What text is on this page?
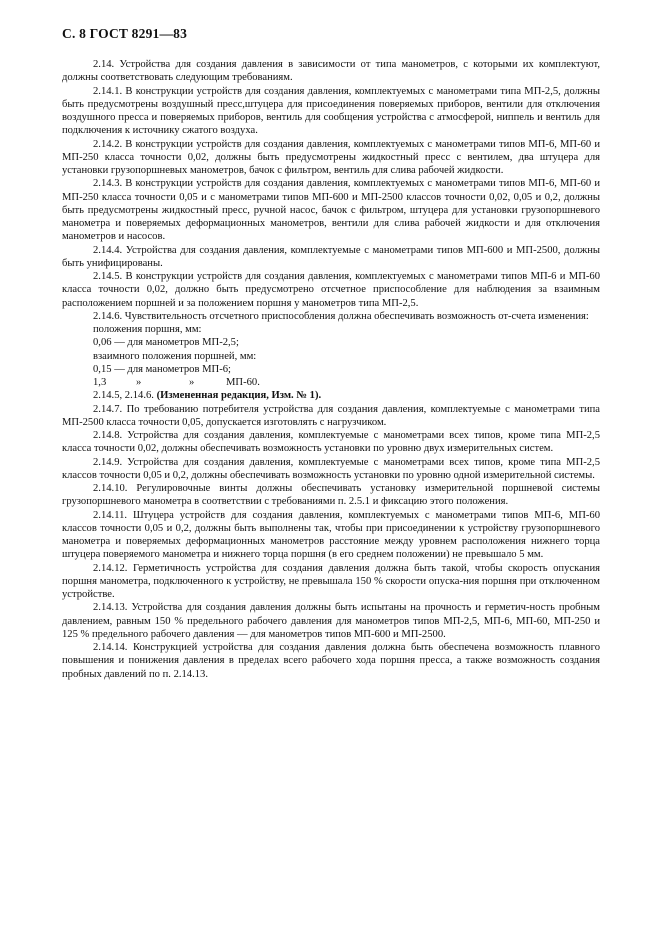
С. 8 ГОСТ 8291—83

2.14. Устройства для создания давления в зависимости от типа манометров, с которыми их комплектуют, должны соответствовать следующим требованиям.

2.14.1. В конструкции устройств для создания давления, комплектуемых с манометрами типа МП-2,5, должны быть предусмотрены воздушный пресс,штуцера для присоединения поверяемых приборов, вентили для отключения воздушного пресса и поверяемых приборов, вентиль для сообщения устройства с атмосферой, ниппель и вентиль для подключения к источнику сжатого воздуха.

2.14.2. В конструкции устройств для создания давления, комплектуемых с манометрами типов МП-6, МП-60 и МП-250 класса точности 0,02, должны быть предусмотрены жидкостный пресс с вентилем, два штуцера для установки грузопоршневых манометров, бачок с фильтром, вентиль для слива рабочей жидкости.

2.14.3. В конструкции устройств для создания давления, комплектуемых с манометрами типов МП-6, МП-60 и МП-250 класса точности 0,05 и с манометрами типов МП-600 и МП-2500 классов точности 0,02, 0,05 и 0,2, должны быть предусмотрены жидкостный пресс, ручной насос, бачок с фильтром, штуцера для установки грузопоршневого манометра и поверяемых деформационных манометров, вентили для слива рабочей жидкости и для отключения манометров и насосов.

2.14.4. Устройства для создания давления, комплектуемые с манометрами типов МП-600 и МП-2500, должны быть унифицированы.

2.14.5. В конструкции устройств для создания давления, комплектуемых с манометрами типов МП-6 и МП-60 класса точности 0,02, должно быть предусмотрено отсчетное приспособление для наблюдения за взаимным расположением поршней и за положением поршня у манометров типа МП-2,5.

2.14.6. Чувствительность отсчетного приспособления должна обеспечивать возможность от-счета изменения:

положения поршня, мм:

0,06 — для манометров МП-2,5;

взаимного положения поршней, мм:

0,15 — для манометров МП-6;

1,3	»	»	МП-60.

2.14.5, 2.14.6. (Измененная редакция, Изм. № 1).

2.14.7. По требованию потребителя устройства для создания давления, комплектуемые с манометрами типа МП-2500 класса точности 0,05, допускается изготовлять с нагрузчиком.

2.14.8. Устройства для создания давления, комплектуемые с манометрами всех типов, кроме типа МП-2,5 класса точности 0,02, должны обеспечивать возможность установки по уровню двух измерительных систем.

2.14.9. Устройства для создания давления, комплектуемые с манометрами всех типов, кроме типа МП-2,5 классов точности 0,05 и 0,2, должны обеспечивать возможность установки по уровню одной измерительной системы.

2.14.10. Регулировочные винты должны обеспечивать установку измерительной поршневой системы грузопоршневого манометра в соответствии с требованиями п. 2.5.1 и фиксацию этого положения.

2.14.11. Штуцера устройств для создания давления, комплектуемых с манометрами типов МП-6, МП-60 классов точности 0,05 и 0,2, должны быть выполнены так, чтобы при присоединении к устройству грузопоршневого манометра и поверяемых деформационных манометров расстояние между уровнем расположения нижнего торца штуцера поверяемого манометра и нижнего торца поршня (в его среднем положении) не превышало 5 мм.

2.14.12. Герметичность устройства для создания давления должна быть такой, чтобы скорость опускания поршня манометра, подключенного к устройству, не превышала 150 % скорости опуска-ния поршня при отключенном устройстве.

2.14.13. Устройства для создания давления должны быть испытаны на прочность и герметич-ность пробным давлением, равным 150 % предельного рабочего давления для манометров типов МП-2,5, МП-6, МП-60, МП-250 и 125 % предельного рабочего давления — для манометров типов МП-600 и МП-2500.

2.14.14. Конструкцией устройства для создания давления должна быть обеспечена возможность плавного повышения и понижения давления в пределах всего рабочего хода поршня пресса, а также возможность создания пробных давлений по п. 2.14.13.
